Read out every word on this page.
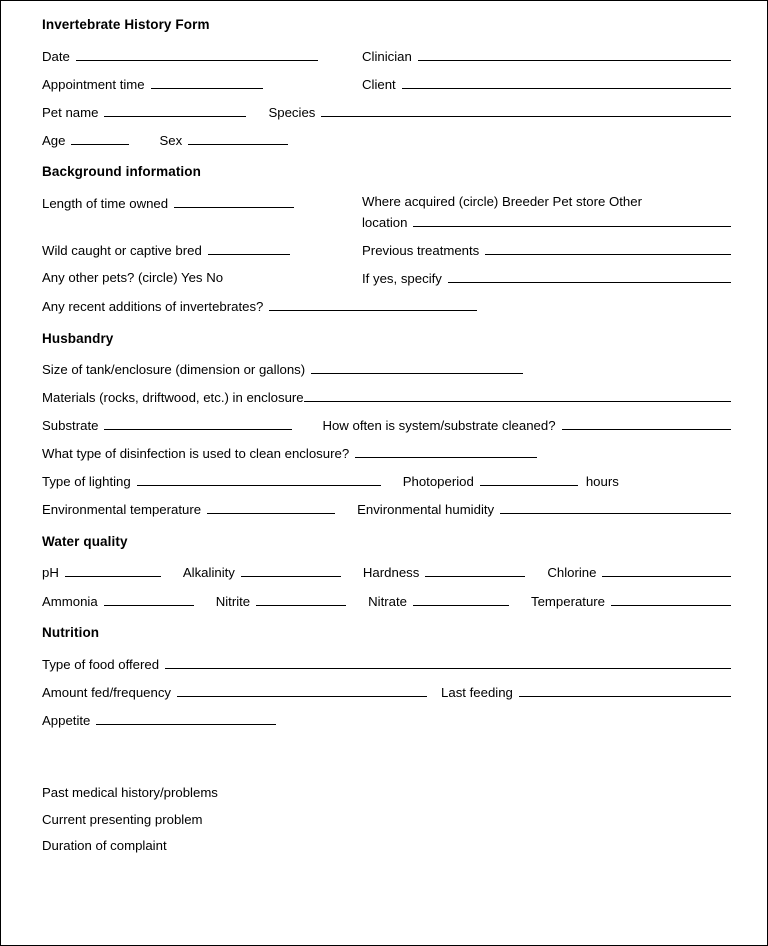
Invertebrate History Form
Date	Clinician
Appointment time	Client
Pet name	Species
Age	Sex
Background information
Length of time owned	Where acquired (circle) Breeder Pet store Other
location
Wild caught or captive bred	Previous treatments
Any other pets? (circle) Yes No	If yes, specify
Any recent additions of invertebrates?
Husbandry
Size of tank/enclosure (dimension or gallons)
Materials (rocks, driftwood, etc.) in enclosure
Substrate	How often is system/substrate cleaned?
What type of disinfection is used to clean enclosure?
Type of lighting	Photoperiod	hours
Environmental temperature	Environmental humidity
Water quality
pH	Alkalinity	Hardness	Chlorine
Ammonia	Nitrite	Nitrate	Temperature
Nutrition
Type of food offered
Amount fed/frequency	Last feeding
Appetite
Past medical history/problems
Current presenting problem
Duration of complaint
